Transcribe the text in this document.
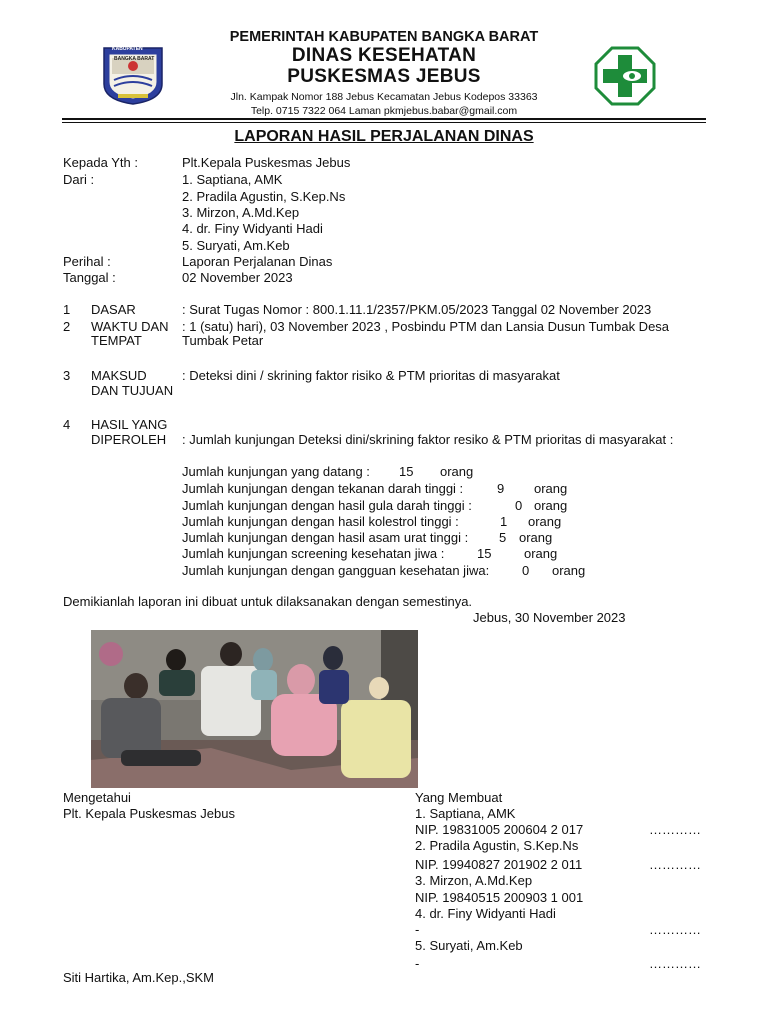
KABUPATEN
BANGKA BARAT
PEMERINTAH KABUPATEN BANGKA BARAT
DINAS KESEHATAN
PUSKESMAS JEBUS
Jln. Kampak Nomor 188 Jebus Kecamatan Jebus Kodepos 33363
Telp. 0715 7322 064 Laman pkmjebus.babar@gmail.com
LAPORAN HASIL PERJALANAN DINAS
Kepada Yth :	Plt.Kepala Puskesmas Jebus
Dari :	1. Saptiana, AMK
2. Pradila Agustin, S.Kep.Ns
3. Mirzon, A.Md.Kep
4. dr. Finy Widyanti Hadi
5. Suryati, Am.Keb
Perihal :	Laporan Perjalanan Dinas
Tanggal :	02 November 2023
1 DASAR	: Surat Tugas Nomor : 800.1.11.1/2357/PKM.05/2023 Tanggal 02 November 2023
2 WAKTU DAN
TEMPAT
: 1 (satu) hari), 03 November 2023 , Posbindu PTM dan Lansia Dusun Tumbak Desa
Tumbak Petar
3 MAKSUD
DAN TUJUAN
: Deteksi dini / skrining faktor risiko & PTM prioritas di masyarakat
4 HASIL YANG
DIPEROLEH : Jumlah kunjungan Deteksi dini/skrining faktor resiko & PTM prioritas di masyarakat :
Jumlah kunjungan yang datang : 15 orang
Jumlah kunjungan dengan tekanan darah tinggi :	9 orang
Jumlah kunjungan dengan hasil gula darah tinggi :	0 orang
Jumlah kunjungan dengan hasil kolestrol tinggi :	1 orang
Jumlah kunjungan dengan hasil asam urat tinggi : 5 orang
Jumlah kunjungan screening kesehatan jiwa :	15	orang
Jumlah kunjungan dengan gangguan kesehatan jiwa:	0 orang
Demikianlah laporan ini dibuat untuk dilaksanakan dengan semestinya.
Jebus, 30 November 2023
Mengetahui
Plt. Kepala Puskesmas Jebus
Siti Hartika, Am.Kep.,SKM
Yang Membuat
1. Saptiana, AMK
NIP. 19831005 200604 2 017	…………
2. Pradila Agustin, S.Kep.Ns
NIP. 19940827 201902 2 011	…………
3. Mirzon, A.Md.Kep
NIP. 19840515 200903 1 001
4. dr. Finy Widyanti Hadi
-	…………
5. Suryati, Am.Keb
-	…………
